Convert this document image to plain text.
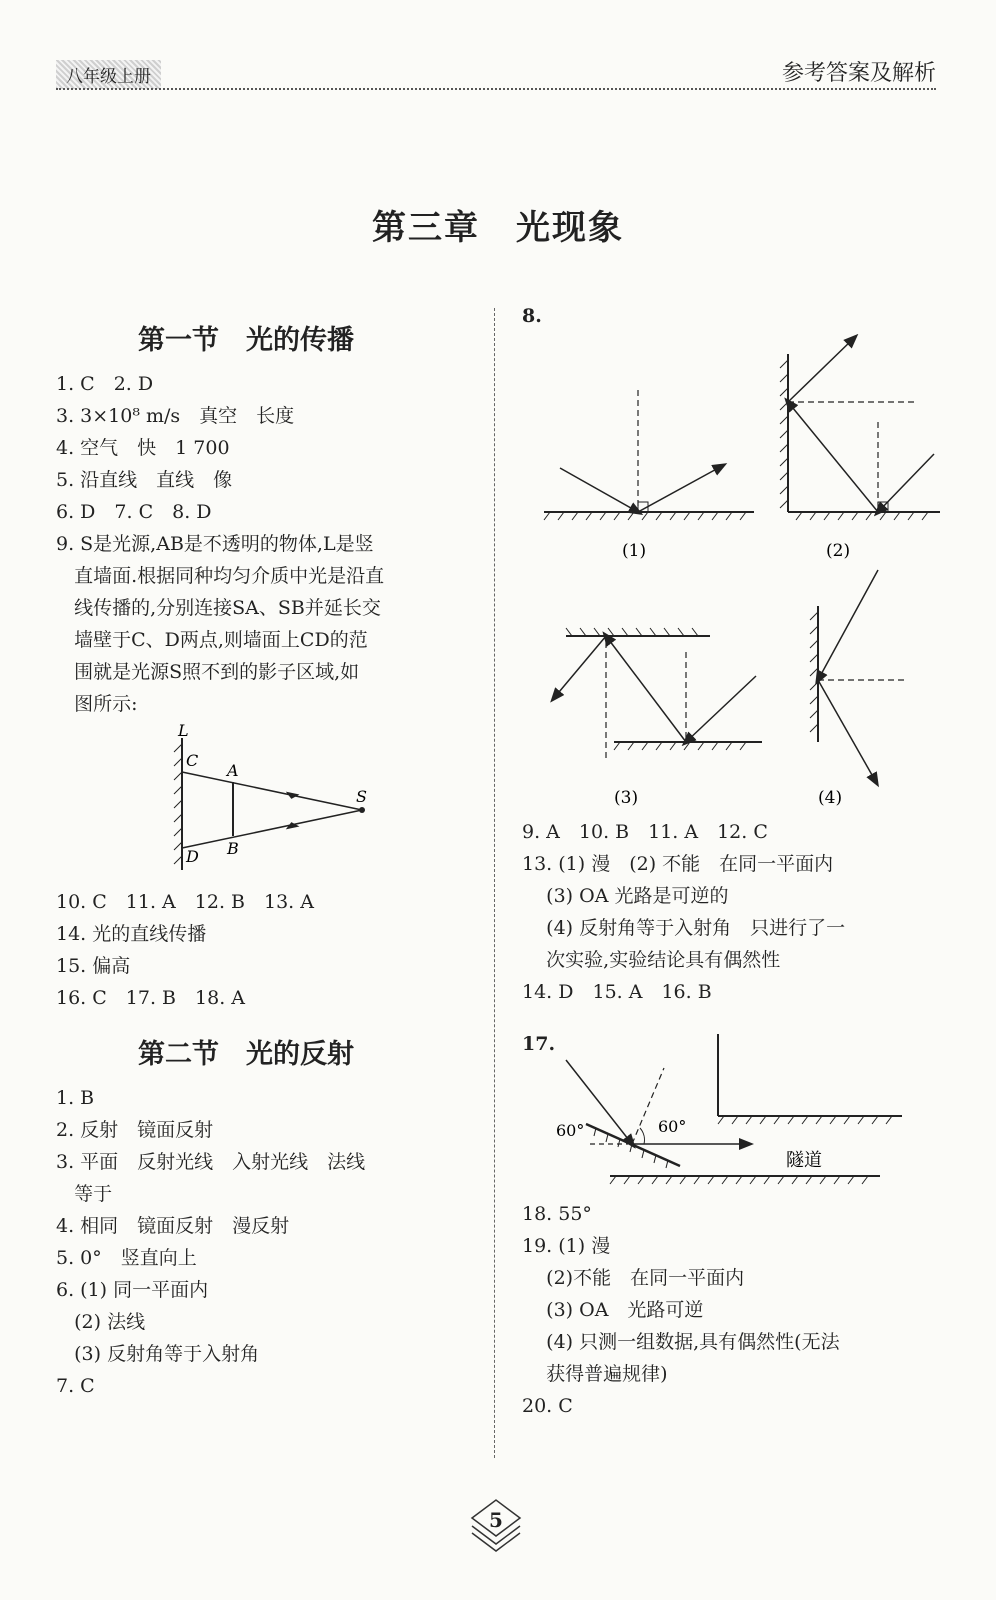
八年级上册	参考答案及解析
第三章　光现象
第一节　光的传播
1. C　2. D
3. 3×10⁸ m/s　真空　长度
4. 空气　快　1 700
5. 沿直线　直线　像
6. D　7. C　8. D
9. S是光源,AB是不透明的物体,L是竖
直墙面.根据同种均匀介质中光是沿直
线传播的,分别连接SA、SB并延长交
墙壁于C、D两点,则墙面上CD的范
围就是光源S照不到的影子区域,如
图所示:
L
C
A
S
D B
10. C　11. A　12. B　13. A
14. 光的直线传播
15. 偏高
16. C　17. B　18. A
第二节　光的反射
1. B
2. 反射　镜面反射
3. 平面　反射光线　入射光线　法线
等于
4. 相同　镜面反射　漫反射
5. 0°　竖直向上
6. (1) 同一平面内
(2) 法线
(3) 反射角等于入射角
7. C
8.
(1)	(2)
(3)	(4)
9. A　10. B　11. A　12. C
13. (1) 漫　(2) 不能　在同一平面内
(3) OA 光路是可逆的
(4) 反射角等于入射角　只进行了一
次实验,实验结论具有偶然性
14. D　15. A　16. B
17.
60°	60°
隧道
18. 55°
19. (1) 漫
(2)不能　在同一平面内
(3) OA　光路可逆
(4) 只测一组数据,具有偶然性(无法
获得普遍规律)
20. C
5
